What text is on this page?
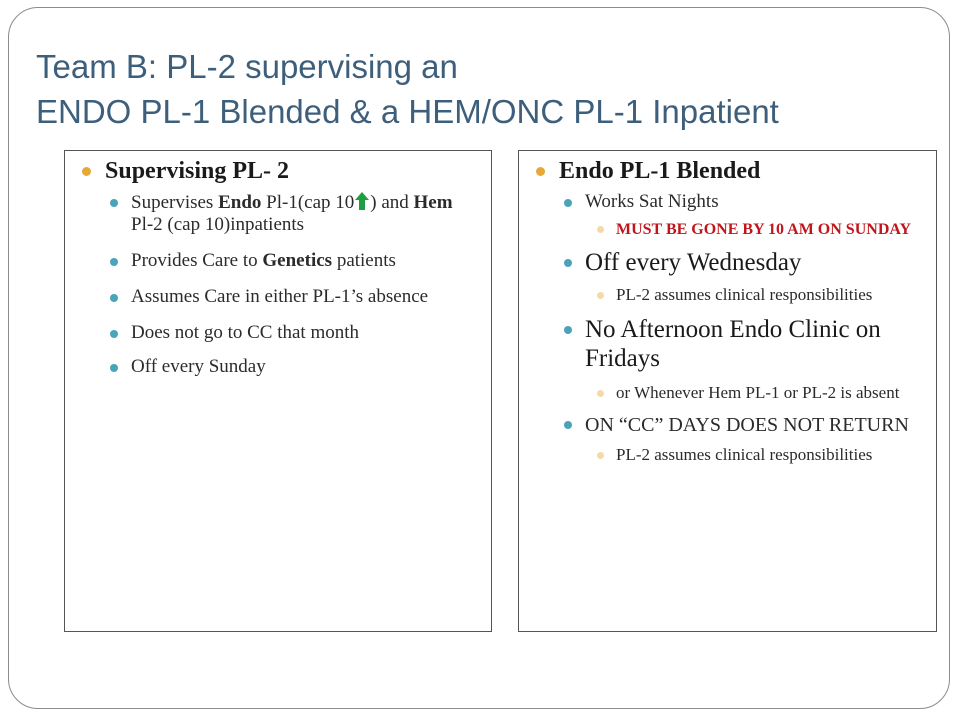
Team B: PL-2 supervising an
ENDO PL-1 Blended & a HEM/ONC PL-1 Inpatient
Supervising PL- 2
Supervises Endo Pl-1(cap 10 ) and Hem Pl-2 (cap 10)inpatients
Provides Care to Genetics patients
Assumes Care in either PL-1’s absence
Does not go to CC that month
Off every Sunday
Endo PL-1 Blended
Works Sat Nights
MUST BE GONE BY 10 AM ON SUNDAY
Off every Wednesday
PL-2 assumes clinical responsibilities
No Afternoon Endo Clinic on Fridays
or Whenever Hem PL-1 or PL-2 is absent
ON “CC” DAYS DOES NOT RETURN
PL-2 assumes clinical responsibilities
